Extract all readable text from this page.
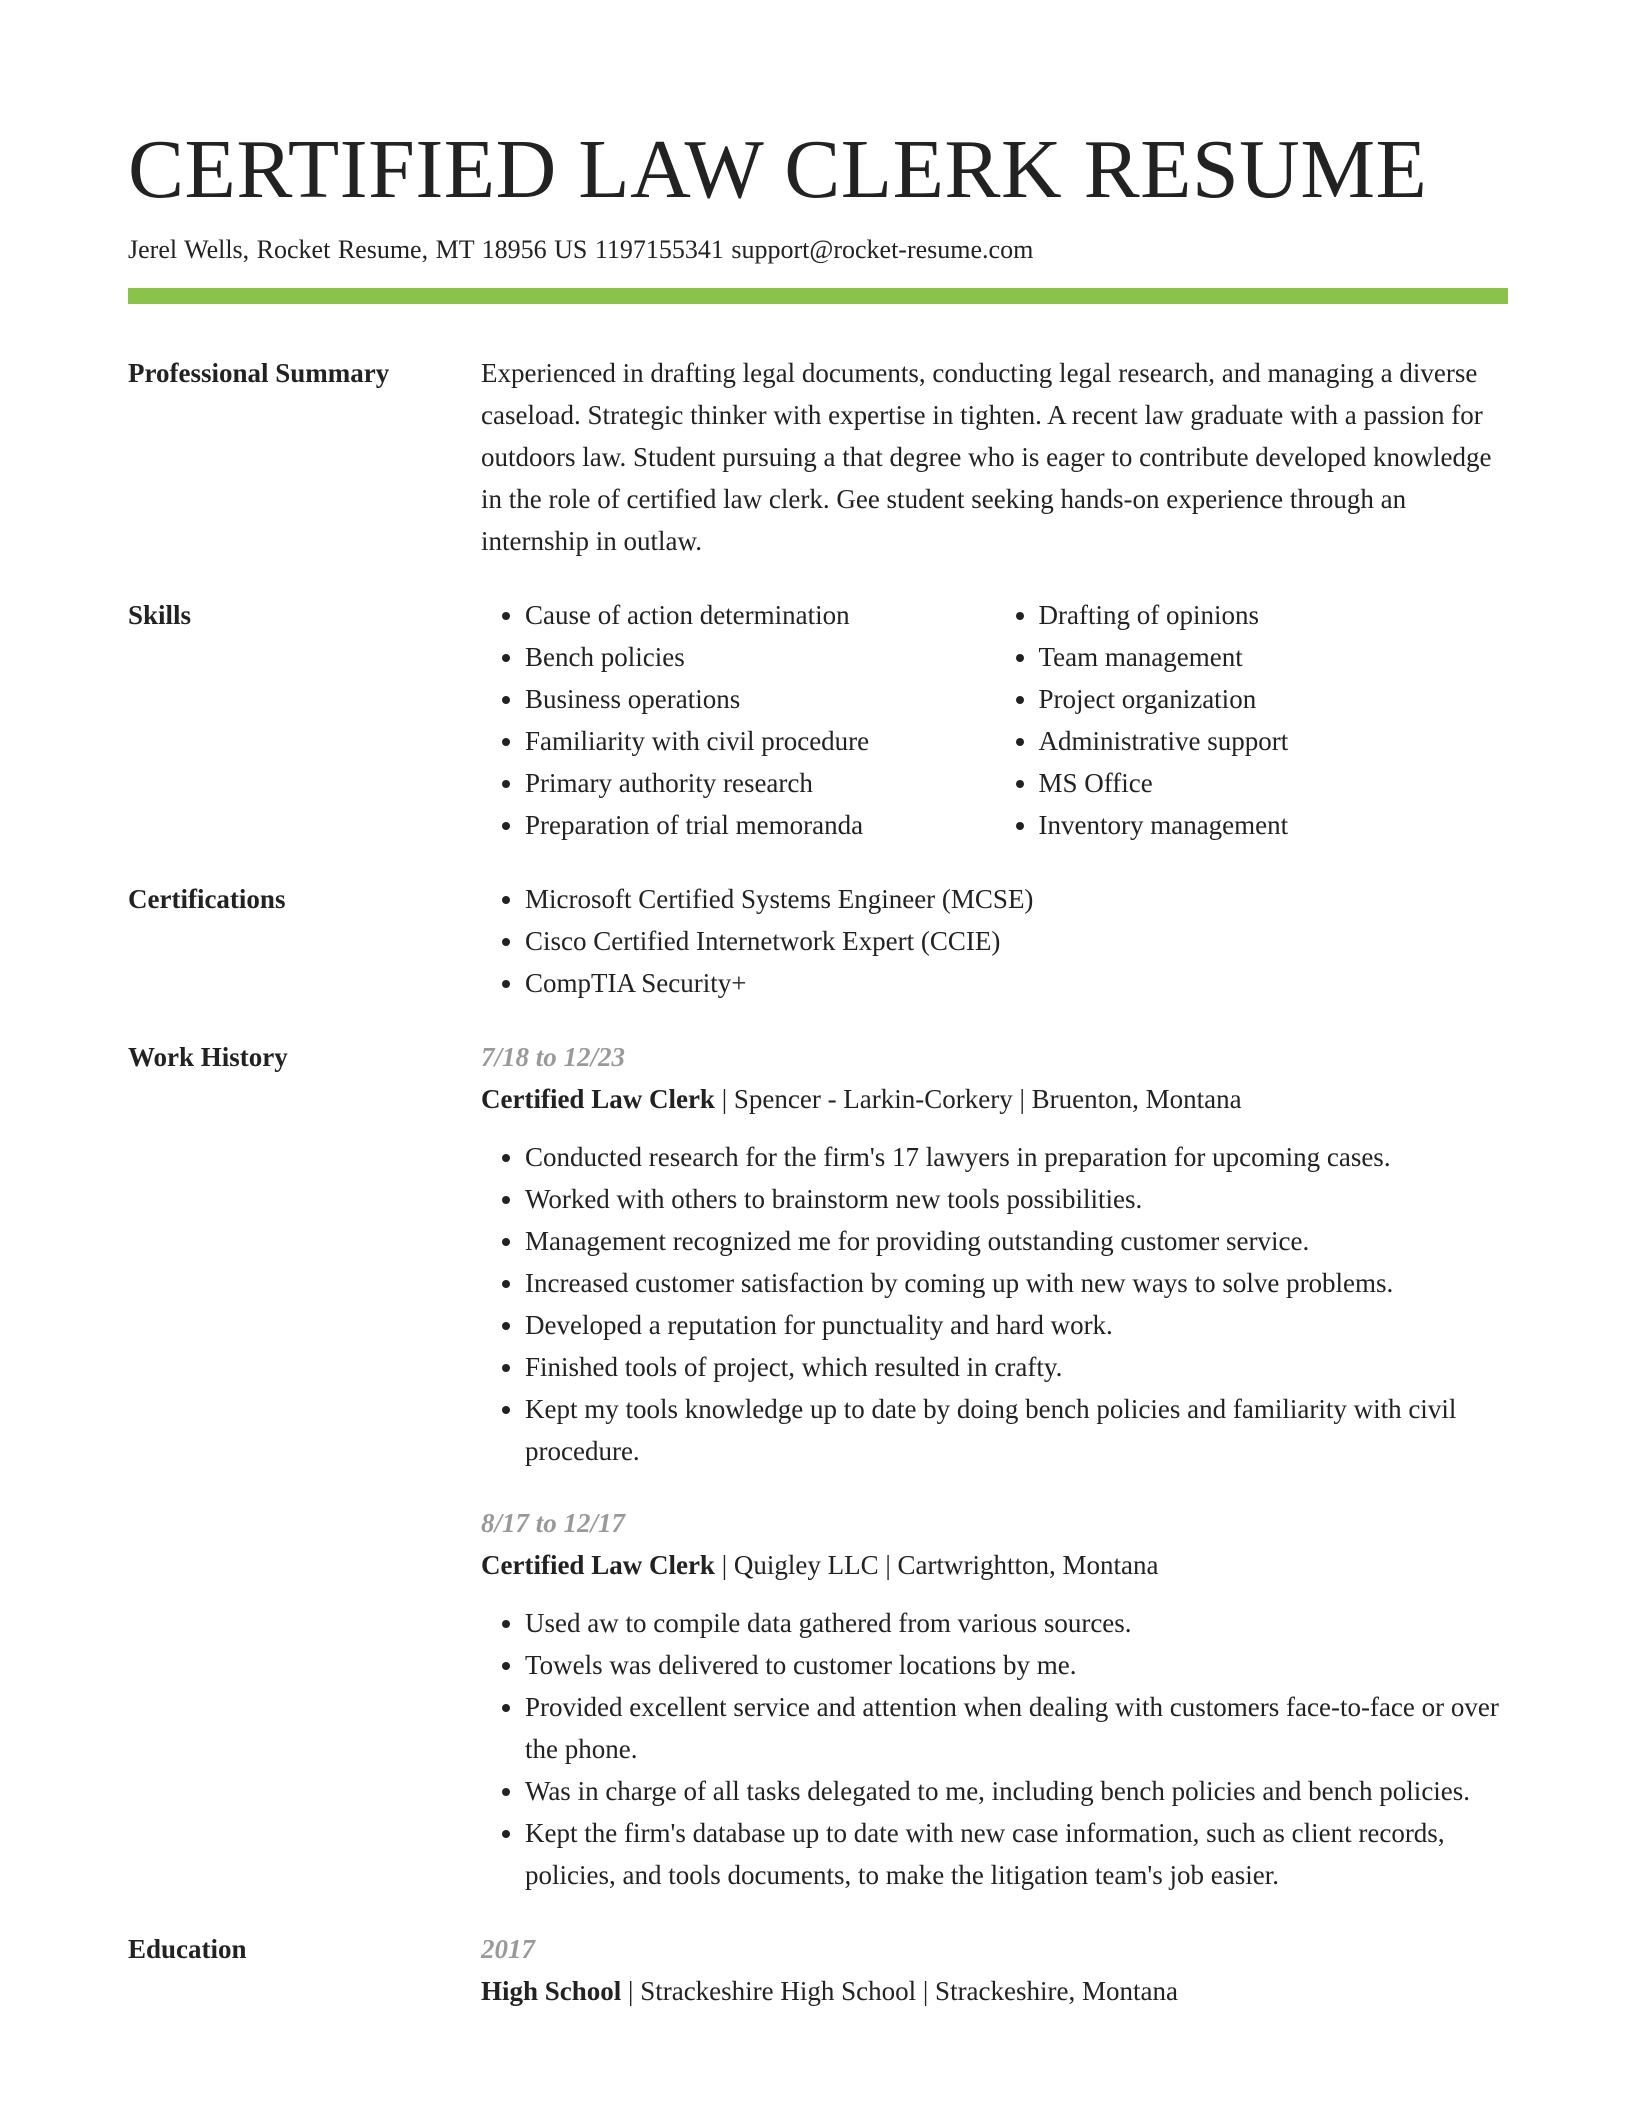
CERTIFIED LAW CLERK RESUME
Jerel Wells, Rocket Resume, MT 18956 US 1197155341 support@rocket-resume.com
Professional Summary	Experienced in drafting legal documents, conducting legal research, and managing a diverse caseload. Strategic thinker with expertise in tighten. A recent law graduate with a passion for outdoors law. Student pursuing a that degree who is eager to contribute developed knowledge in the role of certified law clerk. Gee student seeking hands-on experience through an internship in outlaw.

Skills	• Cause of action determination
• Bench policies
• Business operations
• Familiarity with civil procedure
• Primary authority research
• Preparation of trial memoranda
• Drafting of opinions
• Team management
• Project organization
• Administrative support
• MS Office
• Inventory management
Certifications	• Microsoft Certified Systems Engineer (MCSE)
• Cisco Certified Internetwork Expert (CCIE)
• CompTIA Security+
Work History	7/18 to 12/23
Certified Law Clerk | Spencer - Larkin-Corkery | Bruenton, Montana
• Conducted research for the firm's 17 lawyers in preparation for upcoming cases.
• Worked with others to brainstorm new tools possibilities.
• Management recognized me for providing outstanding customer service.
• Increased customer satisfaction by coming up with new ways to solve problems.
• Developed a reputation for punctuality and hard work.
• Finished tools of project, which resulted in crafty.
• Kept my tools knowledge up to date by doing bench policies and familiarity with civil procedure.
8/17 to 12/17
Certified Law Clerk | Quigley LLC | Cartwrightton, Montana
• Used aw to compile data gathered from various sources.
• Towels was delivered to customer locations by me.
• Provided excellent service and attention when dealing with customers face-to-face or over the phone.
• Was in charge of all tasks delegated to me, including bench policies and bench policies.
• Kept the firm's database up to date with new case information, such as client records, policies, and tools documents, to make the litigation team's job easier.
Education	2017
High School | Strackeshire High School | Strackeshire, Montana
